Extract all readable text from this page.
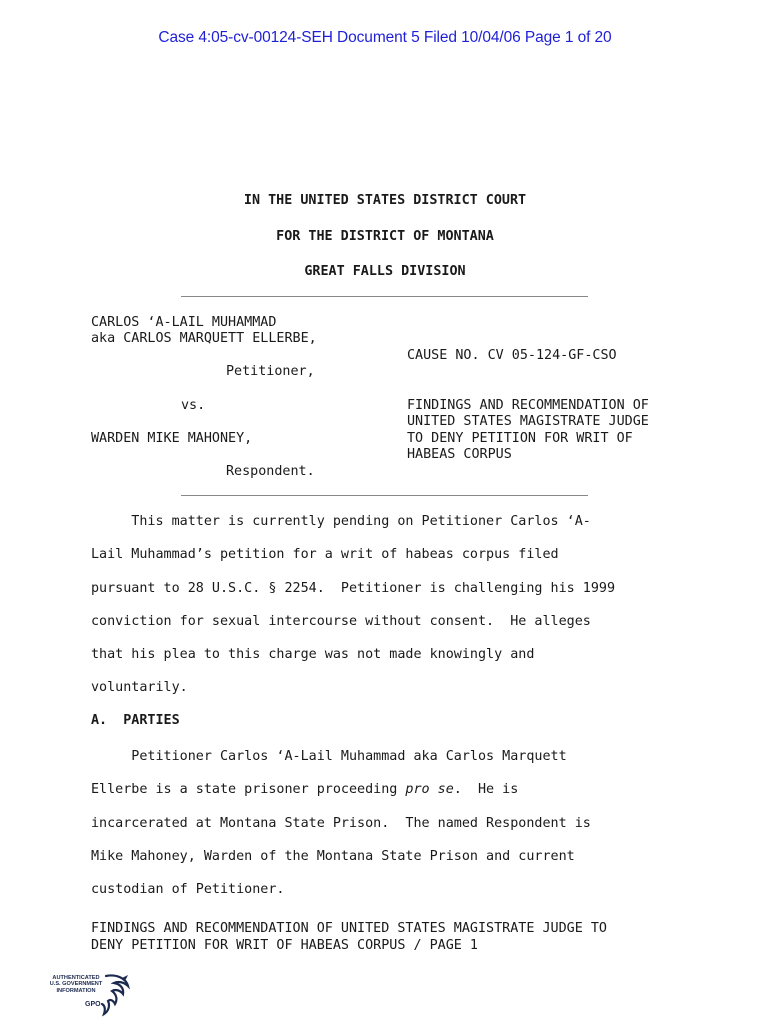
Case 4:05-cv-00124-SEH Document 5 Filed 10/04/06 Page 1 of 20
IN THE UNITED STATES DISTRICT COURT
FOR THE DISTRICT OF MONTANA
GREAT FALLS DIVISION
CARLOS ‘A-LAIL MUHAMMAD
aka CARLOS MARQUETT ELLERBE,
CAUSE NO. CV 05-124-GF-CSO
Petitioner,
vs.	FINDINGS AND RECOMMENDATION OF
UNITED STATES MAGISTRATE JUDGE
WARDEN MIKE MAHONEY,	TO DENY PETITION FOR WRIT OF
HABEAS CORPUS
Respondent.
This matter is currently pending on Petitioner Carlos ‘A-
Lail Muhammad’s petition for a writ of habeas corpus filed
pursuant to 28 U.S.C. § 2254.  Petitioner is challenging his 1999
conviction for sexual intercourse without consent.  He alleges
that his plea to this charge was not made knowingly and
voluntarily.
A.  PARTIES
Petitioner Carlos ‘A-Lail Muhammad aka Carlos Marquett
Ellerbe is a state prisoner proceeding pro se.  He is
incarcerated at Montana State Prison.  The named Respondent is
Mike Mahoney, Warden of the Montana State Prison and current
custodian of Petitioner.
FINDINGS AND RECOMMENDATION OF UNITED STATES MAGISTRATE JUDGE TO
DENY PETITION FOR WRIT OF HABEAS CORPUS / PAGE 1
AUTHENTICATED
U.S. GOVERNMENT
INFORMATION
GPO
